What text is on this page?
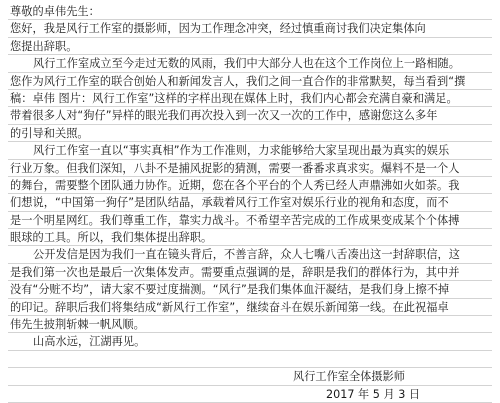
尊敬的卓伟先生：
您好，我是风行工作室的摄影师，因为工作理念冲突，经过慎重商讨我们决定集体向
您提出辞职。
风行工作室成立至今走过无数的风雨，我们中大部分人也在这个工作岗位上一路相随。
您作为风行工作室的联合创始人和新闻发言人，我们之间一直合作的非常默契，每当看到“撰
稿：卓伟 图片：风行工作室”这样的字样出现在媒体上时，我们内心都会充满自豪和满足。
带着很多人对“狗仔”异样的眼光我们再次投入到一次又一次的工作中，感谢您这么多年
的引导和关照。
风行工作室一直以“事实真相”作为工作准则，力求能够给大家呈现出最为真实的娱乐
行业万象。但我们深知，八卦不是捕风捉影的猜测，需要一番番求真求实。爆料不是一个人
的舞台，需要整个团队通力协作。近期，您在各个平台的个人秀已经人声鼎沸如火如荼。我
们想说，“中国第一狗仔”是团队结晶，承载着风行工作室对娱乐行业的视角和态度，而不
是一个明星网红。我们尊重工作，靠实力战斗。不希望辛苦完成的工作成果变成某个个体搏
眼球的工具。所以，我们集体提出辞职。
公开发信是因为我们一直在镜头背后，不善言辞，众人七嘴八舌凑出这一封辞职信，这
是我们第一次也是最后一次集体发声。需要重点强调的是，辞职是我们的群体行为，其中并
没有“分赃不均”，请大家不要过度揣测。“风行”是我们集体血汗凝结，是我们身上擦不掉
的印记。辞职后我们将集结成“新风行工作室”，继续奋斗在娱乐新闻第一线。在此祝福卓
伟先生披荆斩棘一帆风顺。
山高水远，江湖再见。
风行工作室全体摄影师
2017 年 5 月 3 日
